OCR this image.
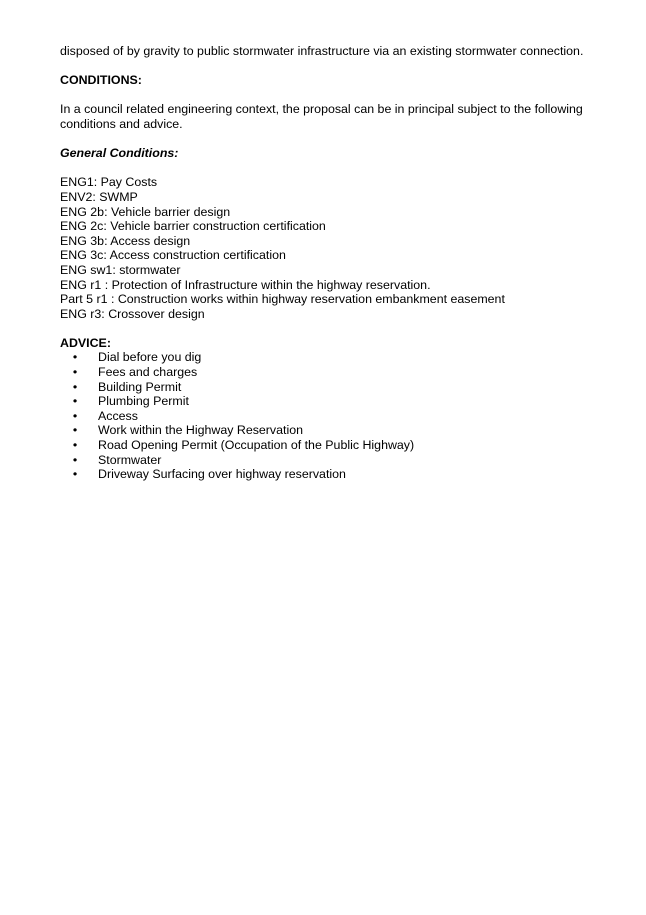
disposed of by gravity to public stormwater infrastructure via an existing stormwater connection.

CONDITIONS:

In a council related engineering context, the proposal can be in principal subject to the following conditions and advice.

General Conditions:

ENG1: Pay Costs
ENV2: SWMP
ENG 2b: Vehicle barrier design
ENG 2c: Vehicle barrier construction certification
ENG 3b: Access design
ENG 3c: Access construction certification
ENG sw1: stormwater
ENG r1 : Protection of Infrastructure within the highway reservation.
Part 5 r1 : Construction works within highway reservation embankment easement
ENG r3: Crossover design

ADVICE:

• Dial before you dig
• Fees and charges
• Building Permit
• Plumbing Permit
• Access
• Work within the Highway Reservation
• Road Opening Permit (Occupation of the Public Highway)
• Stormwater
• Driveway Surfacing over highway reservation
